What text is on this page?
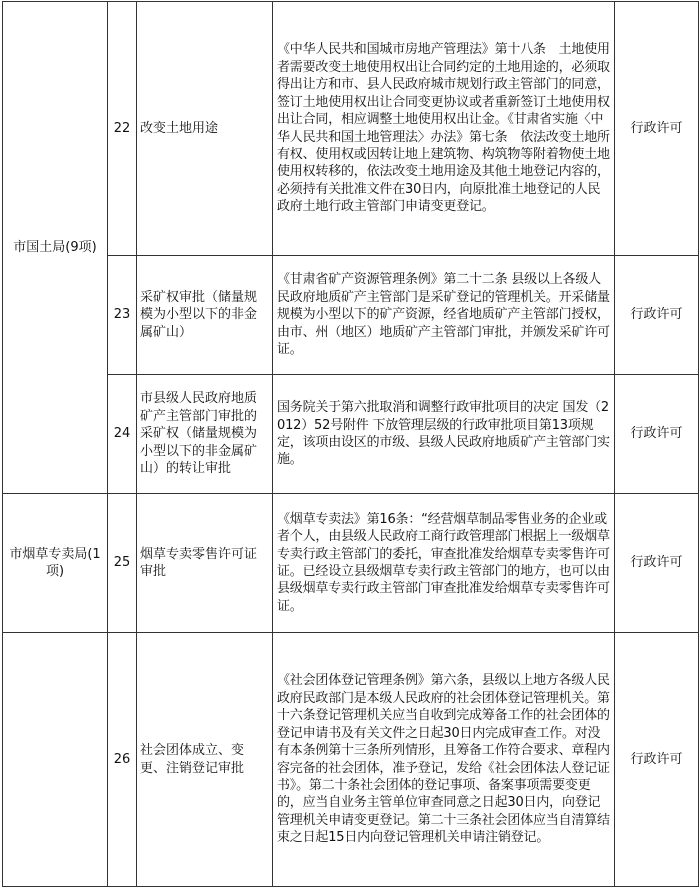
市国土局(9项)	22	改变土地用途	《中华人民共和国城市房地产管理法》第十八条　土地使用者需要改变土地使用权出让合同约定的土地用途的，必须取得出让方和市、县人民政府城市规划行政主管部门的同意，签订土地使用权出让合同变更协议或者重新签订土地使用权出让合同，相应调整土地使用权出让金。《甘肃省实施〈中华人民共和国土地管理法〉办法》第七条　依法改变土地所有权、使用权或因转让地上建筑物、构筑物等附着物使土地使用权转移的，依法改变土地用途及其他土地登记内容的，必须持有关批准文件在30日内，向原批准土地登记的人民政府土地行政主管部门申请变更登记。	行政许可
	23	采矿权审批（储量规模为小型以下的非金属矿山）	《甘肃省矿产资源管理条例》第二十二条 县级以上各级人民政府地质矿产主管部门是采矿登记的管理机关。开采储量规模为小型以下的矿产资源，经省地质矿产主管部门授权，由市、州（地区）地质矿产主管部门审批，并颁发采矿许可证。	行政许可
	24	市县级人民政府地质矿产主管部门审批的采矿权（储量规模为小型以下的非金属矿山）的转让审批	国务院关于第六批取消和调整行政审批项目的决定 国发（2012）52号附件 下放管理层级的行政审批项目第13项规定，该项由设区的市级、县级人民政府地质矿产主管部门实施。	行政许可
市烟草专卖局(1项)	25	烟草专卖零售许可证审批	《烟草专卖法》第16条：“经营烟草制品零售业务的企业或者个人，由县级人民政府工商行政管理部门根据上一级烟草专卖行政主管部门的委托，审查批准发给烟草专卖零售许可证。已经设立县级烟草专卖行政主管部门的地方，也可以由县级烟草专卖行政主管部门审查批准发给烟草专卖零售许可证。	行政许可
	26	社会团体成立、变更、注销登记审批	《社会团体登记管理条例》第六条，县级以上地方各级人民政府民政部门是本级人民政府的社会团体登记管理机关。第十六条登记管理机关应当自收到完成筹备工作的社会团体的登记申请书及有关文件之日起30日内完成审查工作。对没有本条例第十三条所列情形，且筹备工作符合要求、章程内容完备的社会团体，准予登记，发给《社会团体法人登记证书》。第二十条社会团体的登记事项、备案事项需要变更的，应当自业务主管单位审查同意之日起30日内，向登记管理机关申请变更登记。第二十三条社会团体应当自清算结束之日起15日内向登记管理机关申请注销登记。	行政许可
